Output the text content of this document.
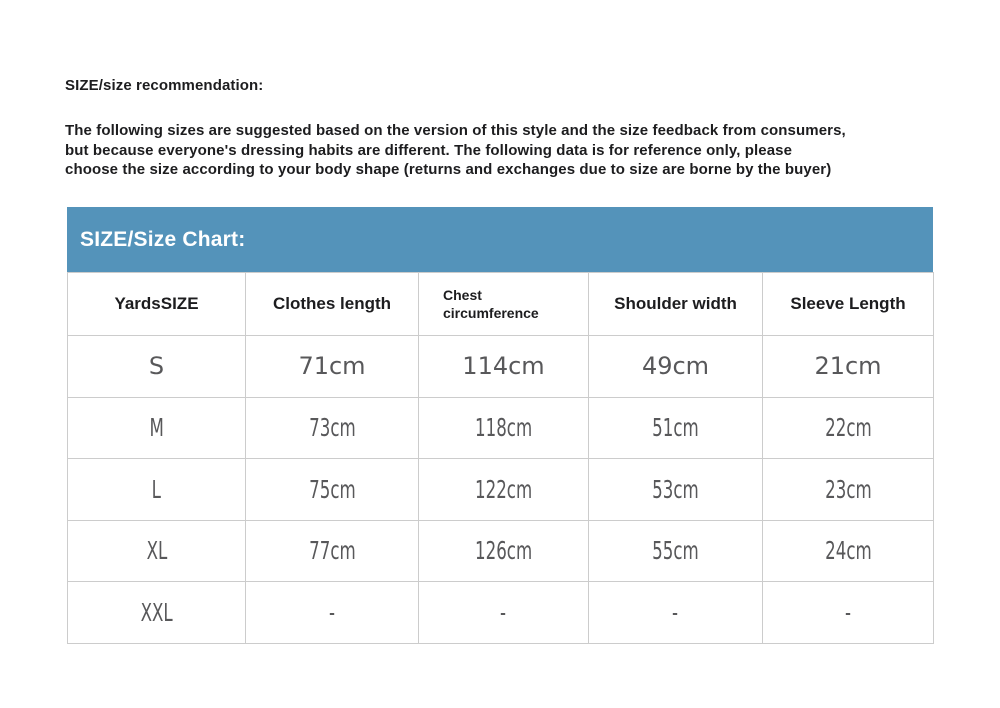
SIZE/size recommendation:
The following sizes are suggested based on the version of this style and the size feedback from consumers,
but because everyone's dressing habits are different. The following data is for reference only, please
choose the size according to your body shape (returns and exchanges due to size are borne by the buyer)
SIZE/Size Chart:
YardsSIZE	Clothes length	Chest circumference	Shoulder width	Sleeve Length
S	71cm	114cm	49cm	21cm
M	73cm	118cm	51cm	22cm
L	75cm	122cm	53cm	23cm
XL	77cm	126cm	55cm	24cm
XXL	-	-	-	-
